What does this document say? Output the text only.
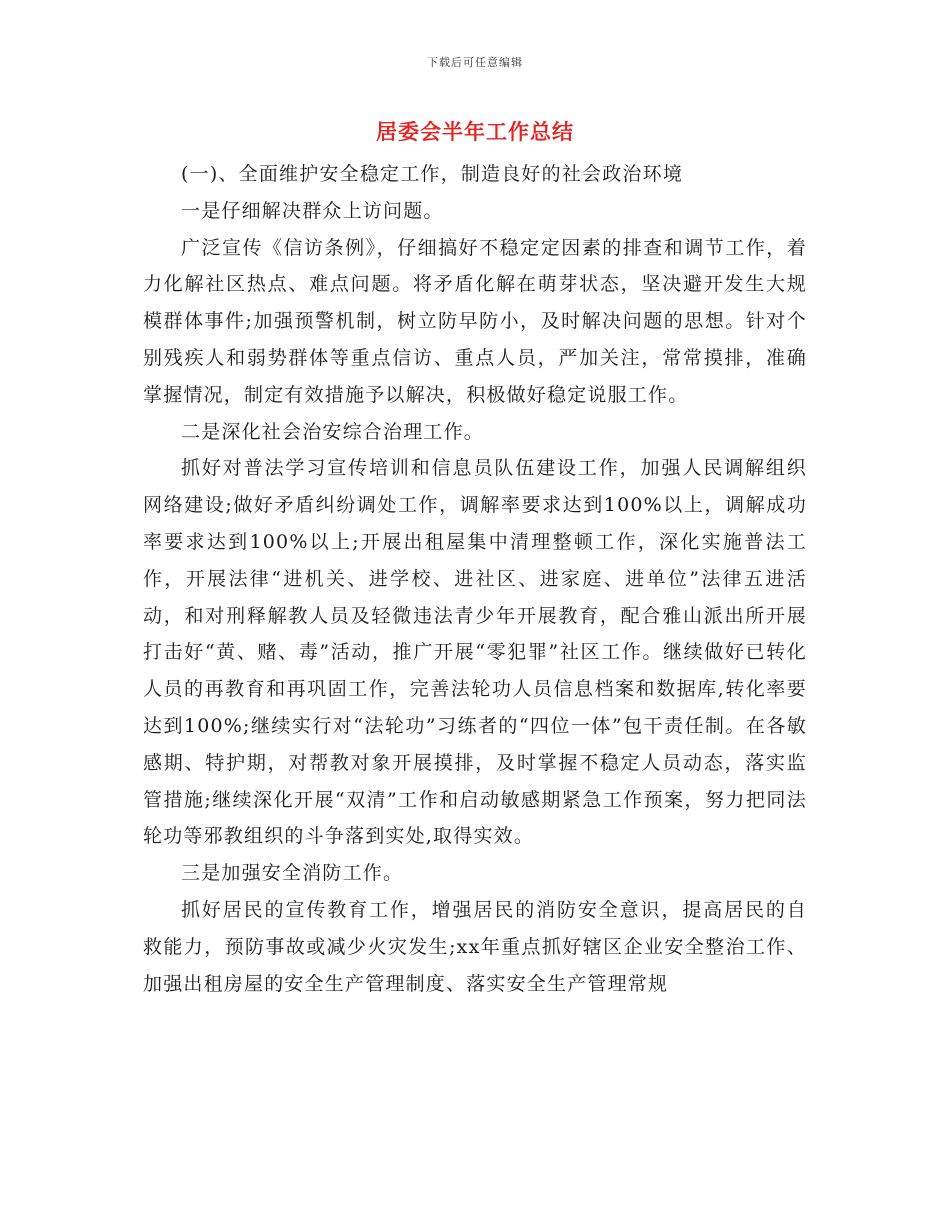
下载后可任意编辑
居委会半年工作总结

(一)、全面维护安全稳定工作，制造良好的社会政治环境

一是仔细解决群众上访问题。

广泛宣传《信访条例》，仔细搞好不稳定定因素的排查和调节工作，着力化解社区热点、难点问题。将矛盾化解在萌芽状态，坚决避开发生大规模群体事件;加强预警机制，树立防早防小，及时解决问题的思想。针对个别残疾人和弱势群体等重点信访、重点人员，严加关注，常常摸排，准确掌握情况，制定有效措施予以解决，积极做好稳定说服工作。

二是深化社会治安综合治理工作。

抓好对普法学习宣传培训和信息员队伍建设工作，加强人民调解组织网络建设;做好矛盾纠纷调处工作，调解率要求达到100%以上，调解成功率要求达到100%以上;开展出租屋集中清理整顿工作，深化实施普法工作，开展法律“进机关、进学校、进社区、进家庭、进单位”法律五进活动，和对刑释解教人员及轻微违法青少年开展教育，配合雅山派出所开展打击好“黄、赌、毒”活动，推广开展“零犯罪”社区工作。继续做好已转化人员的再教育和再巩固工作，完善法轮功人员信息档案和数据库,转化率要达到100%;继续实行对“法轮功”习练者的“四位一体”包干责任制。在各敏感期、特护期，对帮教对象开展摸排，及时掌握不稳定人员动态，落实监管措施;继续深化开展“双清”工作和启动敏感期紧急工作预案，努力把同法轮功等邪教组织的斗争落到实处,取得实效。

三是加强安全消防工作。

抓好居民的宣传教育工作，增强居民的消防安全意识，提高居民的自救能力，预防事故或减少火灾发生;xx年重点抓好辖区企业安全整治工作、加强出租房屋的安全生产管理制度、落实安全生产管理常规
